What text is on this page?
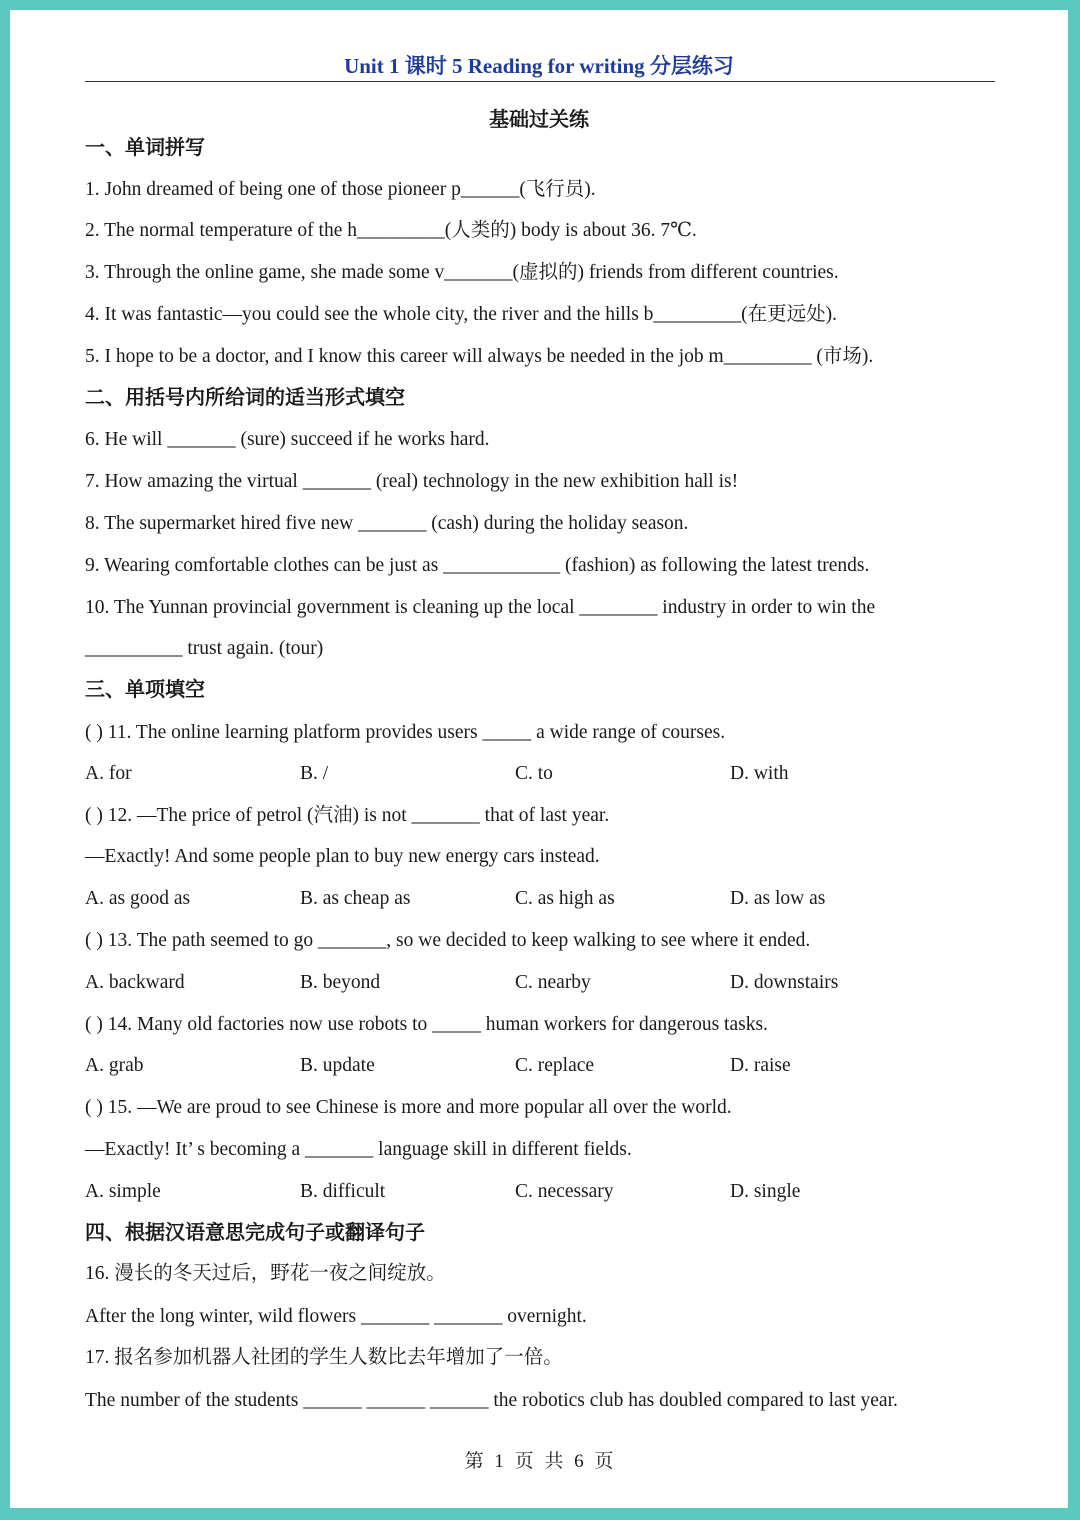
Unit 1 课时 5 Reading for writing 分层练习
基础过关练
一、单词拼写
1. John dreamed of being one of those pioneer p______(飞行员).
2. The normal temperature of the h_________(人类的) body is about 36. 7℃.
3. Through the online game, she made some v_______(虚拟的) friends from different countries.
4. It was fantastic—you could see the whole city, the river and the hills b_________(在更远处).
5. I hope to be a doctor, and I know this career will always be needed in the job m_________ (市场).
二、用括号内所给词的适当形式填空
6. He will _______ (sure) succeed if he works hard.
7. How amazing the virtual _______ (real) technology in the new exhibition hall is!
8. The supermarket hired five new _______ (cash) during the holiday season.
9. Wearing comfortable clothes can be just as ____________ (fashion) as following the latest trends.
10. The Yunnan provincial government is cleaning up the local ________ industry in order to win the
__________ trust again. (tour)
三、单项填空
( ) 11. The online learning platform provides users _____ a wide range of courses.
A. for	B. /	C. to	D. with
( ) 12. —The price of petrol (汽油) is not _______ that of last year.
—Exactly! And some people plan to buy new energy cars instead.
A. as good as	B. as cheap as	C. as high as	D. as low as
( ) 13. The path seemed to go _______, so we decided to keep walking to see where it ended.
A. backward	B. beyond	C. nearby	D. downstairs
( ) 14. Many old factories now use robots to _____ human workers for dangerous tasks.
A. grab	B. update	C. replace	D. raise
( ) 15. —We are proud to see Chinese is more and more popular all over the world.
—Exactly! It’ s becoming a _______ language skill in different fields.
A. simple	B. difficult	C. necessary	D. single
四、根据汉语意思完成句子或翻译句子
16. 漫长的冬天过后，野花一夜之间绽放。
After the long winter, wild flowers _______ _______ overnight.
17. 报名参加机器人社团的学生人数比去年增加了一倍。
The number of the students ______ ______ ______ the robotics club has doubled compared to last year.
第 1 页 共 6 页
